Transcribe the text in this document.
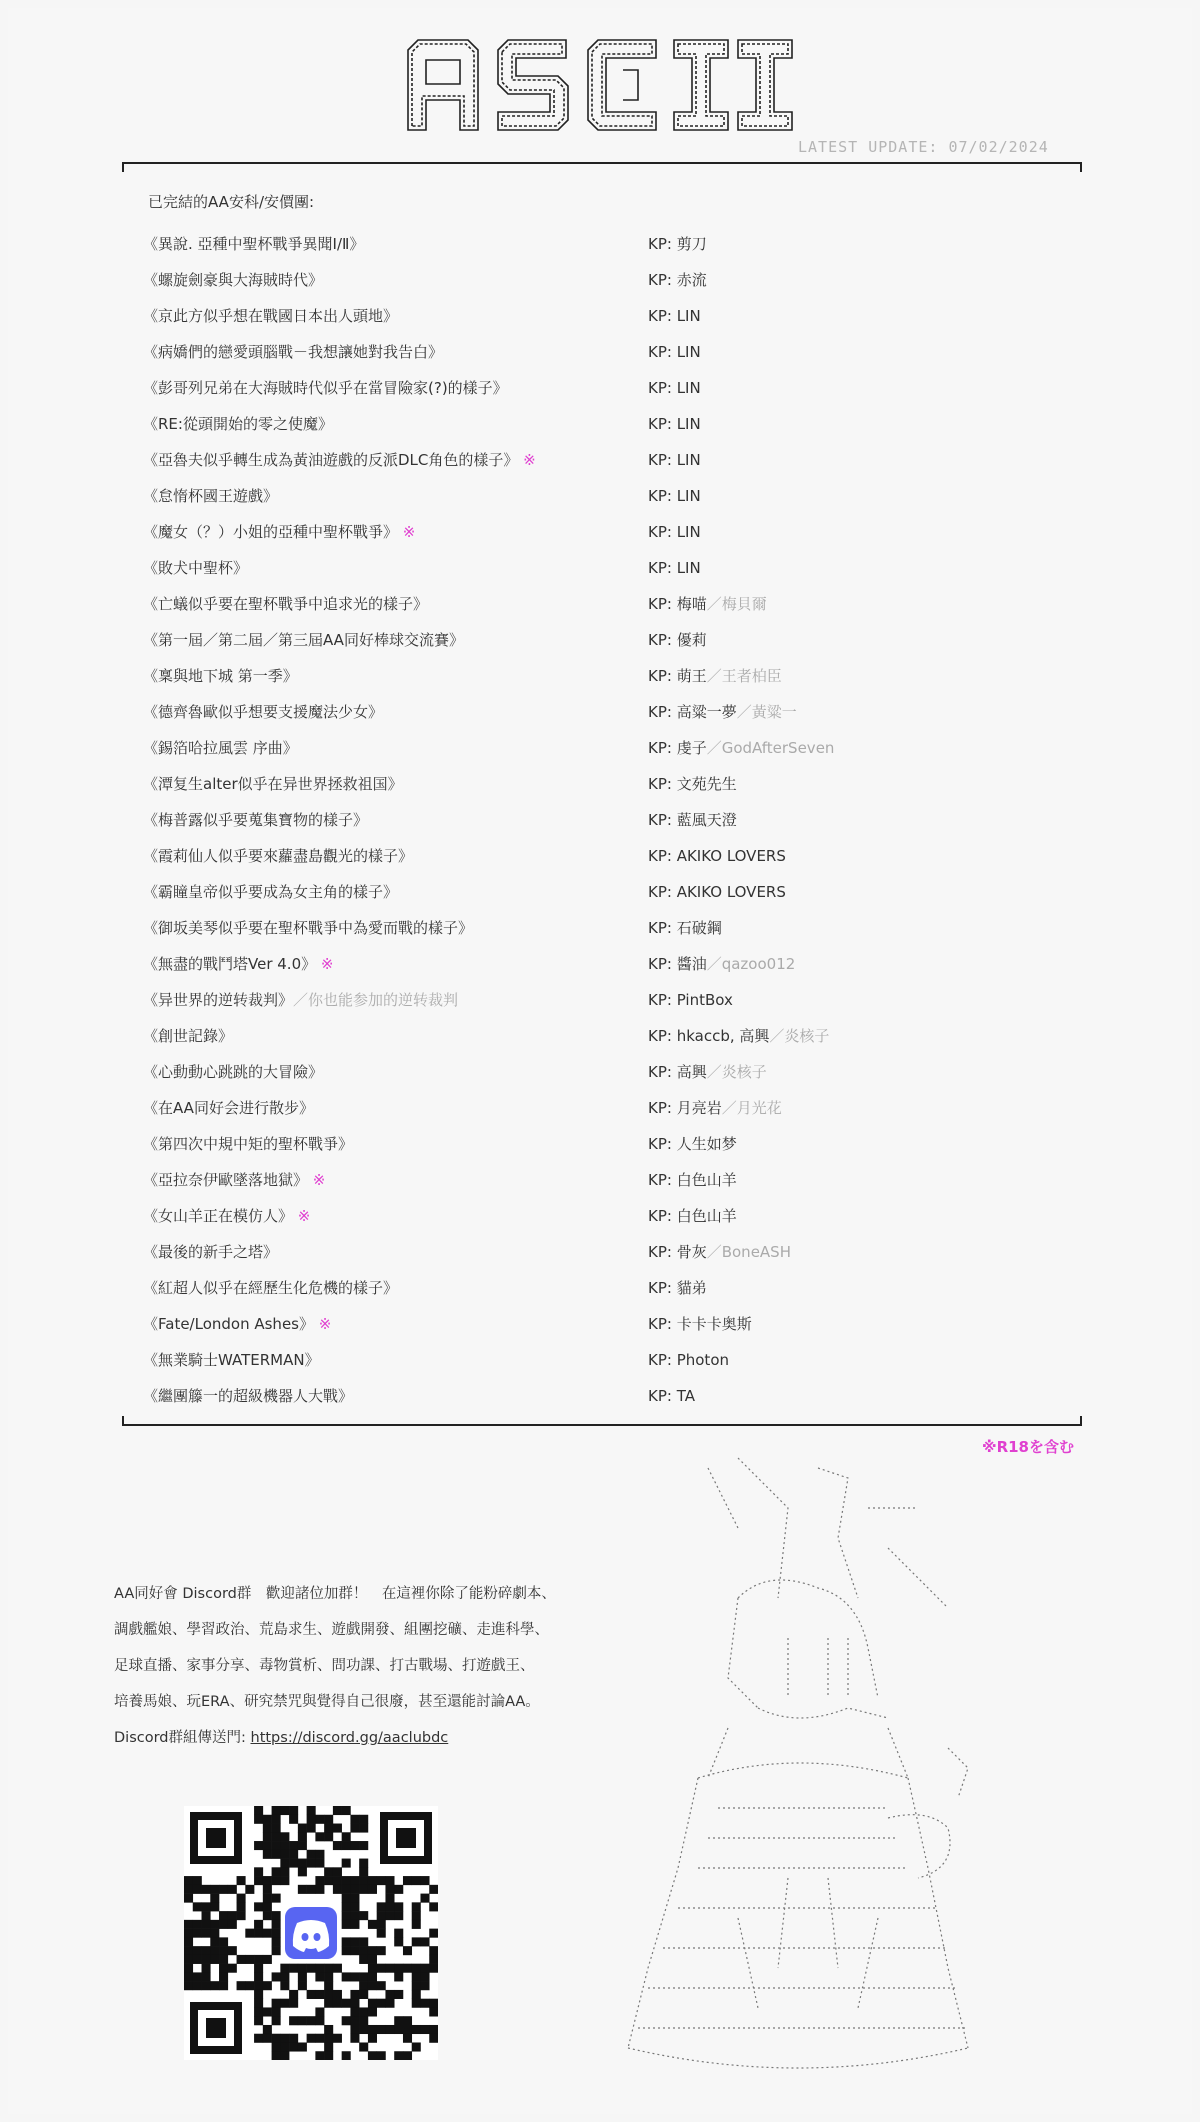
LATEST UPDATE: 07/02/2024
已完結的AA安科/安價團:
《異說. 亞種中聖杯戰爭異聞Ⅰ/Ⅱ》	KP: 剪刀
《螺旋劍豪與大海賊時代》	KP: 赤流
《京此方似乎想在戰國日本出人頭地》	KP: LIN
《病嬌們的戀愛頭腦戰－我想讓她對我告白》	KP: LIN
《彭哥列兄弟在大海賊時代似乎在當冒險家(?)的樣子》	KP: LIN
《RE:從頭開始的零之使魔》	KP: LIN
《亞魯夫似乎轉生成為黃油遊戲的反派DLC角色的樣子》 ※	KP: LIN
《怠惰杯國王遊戲》	KP: LIN
《魔女（？）小姐的亞種中聖杯戰爭》 ※	KP: LIN
《敗犬中聖杯》	KP: LIN
《亡蟻似乎要在聖杯戰爭中追求光的樣子》	KP: 梅喵／梅貝爾
《第一屆／第二屆／第三屆AA同好棒球交流賽》	KP: 優莉
《稟與地下城 第一季》	KP: 萌王／王者柏臣
《德齊魯歐似乎想要支援魔法少女》	KP: 高粱一夢／黃粱一
《錫箔哈拉風雲 序曲》	KP: 虔子／GodAfterSeven
《潭复生alter似乎在异世界拯救祖国》	KP: 文苑先生
《梅普露似乎要蒐集寶物的樣子》	KP: 藍風天澄
《霞莉仙人似乎要來蘿盡島觀光的樣子》	KP: AKIKO LOVERS
《霸瞳皇帝似乎要成為女主角的樣子》	KP: AKIKO LOVERS
《御坂美琴似乎要在聖杯戰爭中為愛而戰的樣子》	KP: 石破鋼
《無盡的戰鬥塔Ver 4.0》 ※	KP: 醬油／qazoo012
《异世界的逆转裁判》／你也能参加的逆转裁判	KP: PintBox
《創世記錄》	KP: hkaccb, 高興／炎核子
《心動動心跳跳的大冒險》	KP: 高興／炎核子
《在AA同好会进行散步》	KP: 月亮岩／月光花
《第四次中規中矩的聖杯戰爭》	KP: 人生如梦
《亞拉奈伊歐墜落地獄》 ※	KP: 白色山羊
《女山羊正在模仿人》 ※	KP: 白色山羊
《最後的新手之塔》	KP: 骨灰／BoneASH
《紅超人似乎在經歷生化危機的樣子》	KP: 貓弟
《Fate/London Ashes》 ※	KP: 卡卡卡奥斯
《無業騎士WATERMAN》	KP: Photon
《繼團籐一的超級機器人大戰》	KP: TA
※R18を含む

AA同好會 Discord群　歡迎諸位加群！　在這裡你除了能粉碎劇本、

調戲艦娘、學習政治、荒島求生、遊戲開發、組團挖礦、走進科學、

足球直播、家事分享、毒物賞析、問功課、打古戰場、打遊戲王、

培養馬娘、玩ERA、研究禁咒與覺得自己很廢，甚至還能討論AA。

Discord群組傳送門: https://discord.gg/aaclubdc
